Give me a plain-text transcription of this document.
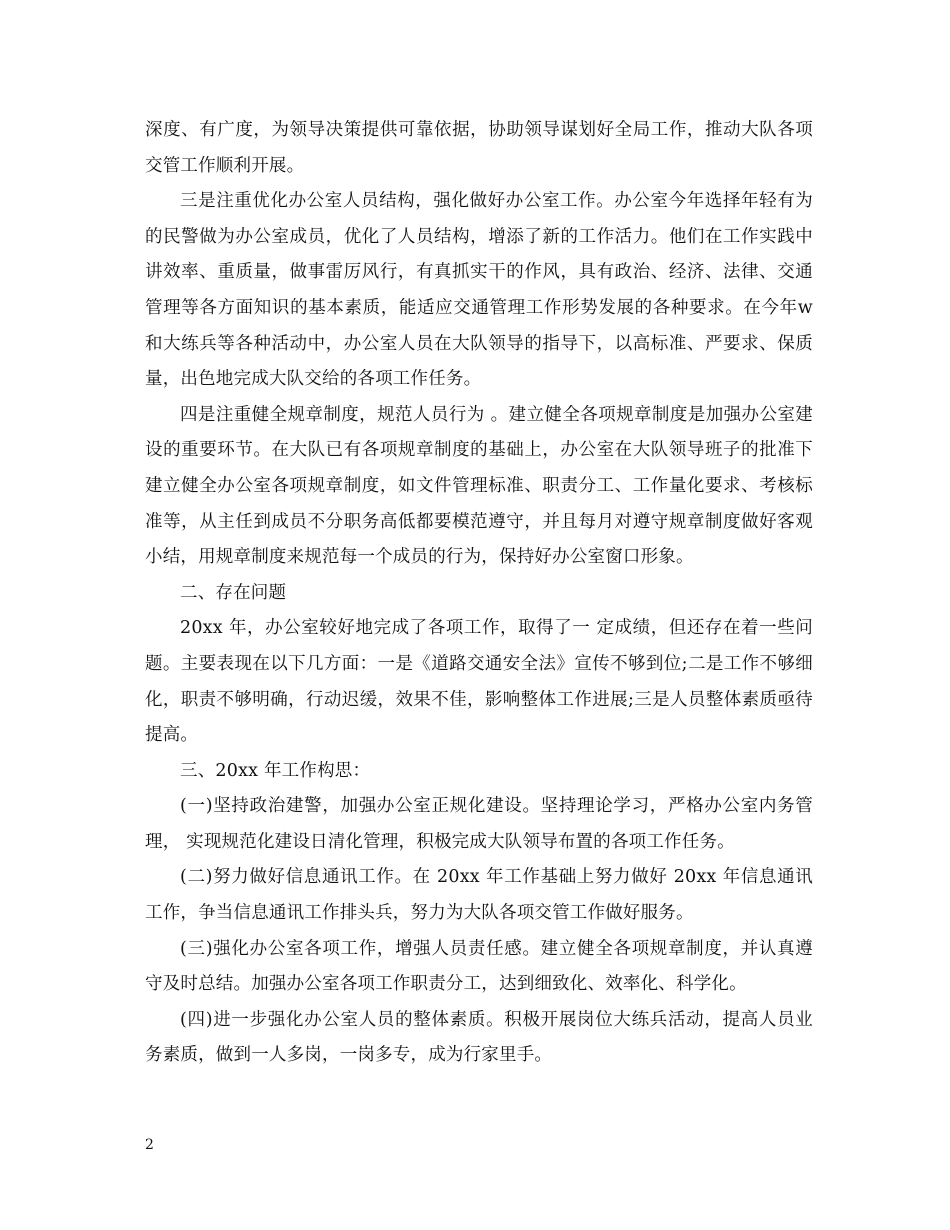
深度、有广度，为领导决策提供可靠依据，协助领导谋划好全局工作，推动大队各项交管工作顺利开展。

三是注重优化办公室人员结构，强化做好办公室工作。办公室今年选择年轻有为的民警做为办公室成员，优化了人员结构，增添了新的工作活力。他们在工作实践中讲效率、重质量，做事雷厉风行，有真抓实干的作风，具有政治、经济、法律、交通管理等各方面知识的基本素质，能适应交通管理工作形势发展的各种要求。在今年w和大练兵等各种活动中，办公室人员在大队领导的指导下，以高标准、严要求、保质量，出色地完成大队交给的各项工作任务。

四是注重健全规章制度，规范人员行为 。建立健全各项规章制度是加强办公室建设的重要环节。在大队已有各项规章制度的基础上，办公室在大队领导班子的批准下建立健全办公室各项规章制度，如文件管理标准、职责分工、工作量化要求、考核标准等，从主任到成员不分职务高低都要模范遵守，并且每月对遵守规章制度做好客观小结，用规章制度来规范每一个成员的行为，保持好办公室窗口形象。

二、存在问题

20xx 年，办公室较好地完成了各项工作，取得了一 定成绩，但还存在着一些问题。主要表现在以下几方面：一是《道路交通安全法》宣传不够到位;二是工作不够细化，职责不够明确，行动迟缓，效果不佳，影响整体工作进展;三是人员整体素质亟待提高。

三、20xx 年工作构思：

(一)坚持政治建警，加强办公室正规化建设。坚持理论学习，严格办公室内务管理， 实现规范化建设日清化管理，积极完成大队领导布置的各项工作任务。

(二)努力做好信息通讯工作。在 20xx 年工作基础上努力做好 20xx 年信息通讯工作，争当信息通讯工作排头兵，努力为大队各项交管工作做好服务。

(三)强化办公室各项工作，增强人员责任感。建立健全各项规章制度，并认真遵守及时总结。加强办公室各项工作职责分工，达到细致化、效率化、科学化。

(四)进一步强化办公室人员的整体素质。积极开展岗位大练兵活动，提高人员业务素质，做到一人多岗，一岗多专，成为行家里手。

2
